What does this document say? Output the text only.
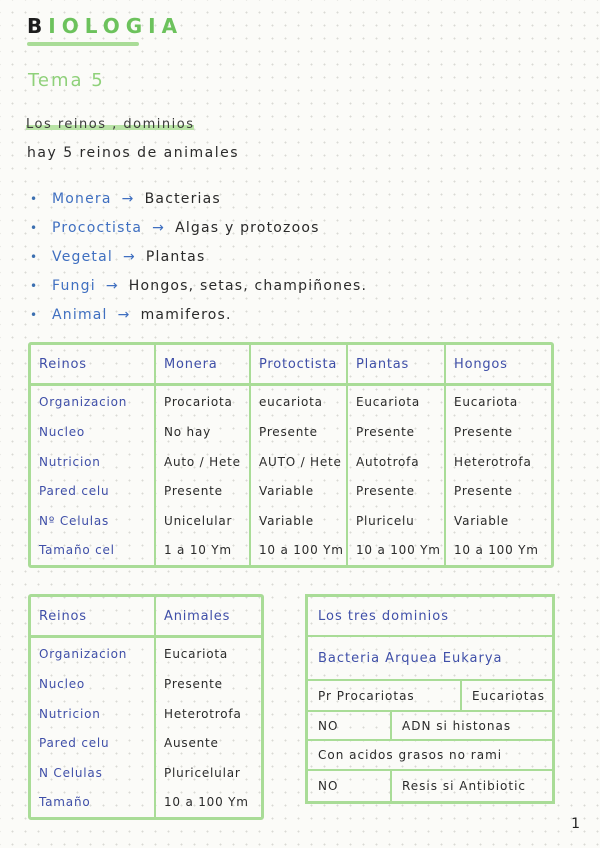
BIOLOGIA
Tema 5
Los reinos , dominios
hay 5 reinos de animales
• Monera → Bacterias
• Prococtista → Algas y protozoos
• Vegetal → Plantas
• Fungi → Hongos, setas, champiñones.
• Animal → mamiferos.
Reinos	Monera	Protoctista	Plantas	Hongos
Organizacion	Procariota	eucariota	Eucariota	Eucariota
Nucleo	No hay	Presente	Presente	Presente
Nutricion	Auto / Hete	AUTO / Hete	Autotrofa	Heterotrofa
Pared celu	Presente	Variable	Presente	Presente
Nº Celulas	Unicelular	Variable	Pluricelu	Variable
Tamaño cel	1 a 10 Ym	10 a 100 Ym	10 a 100 Ym	10 a 100 Ym
Reinos	Animales
Organizacion	Eucariota
Nucleo	Presente
Nutricion	Heterotrofa
Pared celu	Ausente
N Celulas	Pluricelular
Tamaño	10 a 100 Ym
Los tres dominios
Bacteria Arquea Eukarya
Pr Procariotas	Eucariotas
NO	ADN si histonas
Con acidos grasos no rami
NO	Resis si Antibiotic
1
